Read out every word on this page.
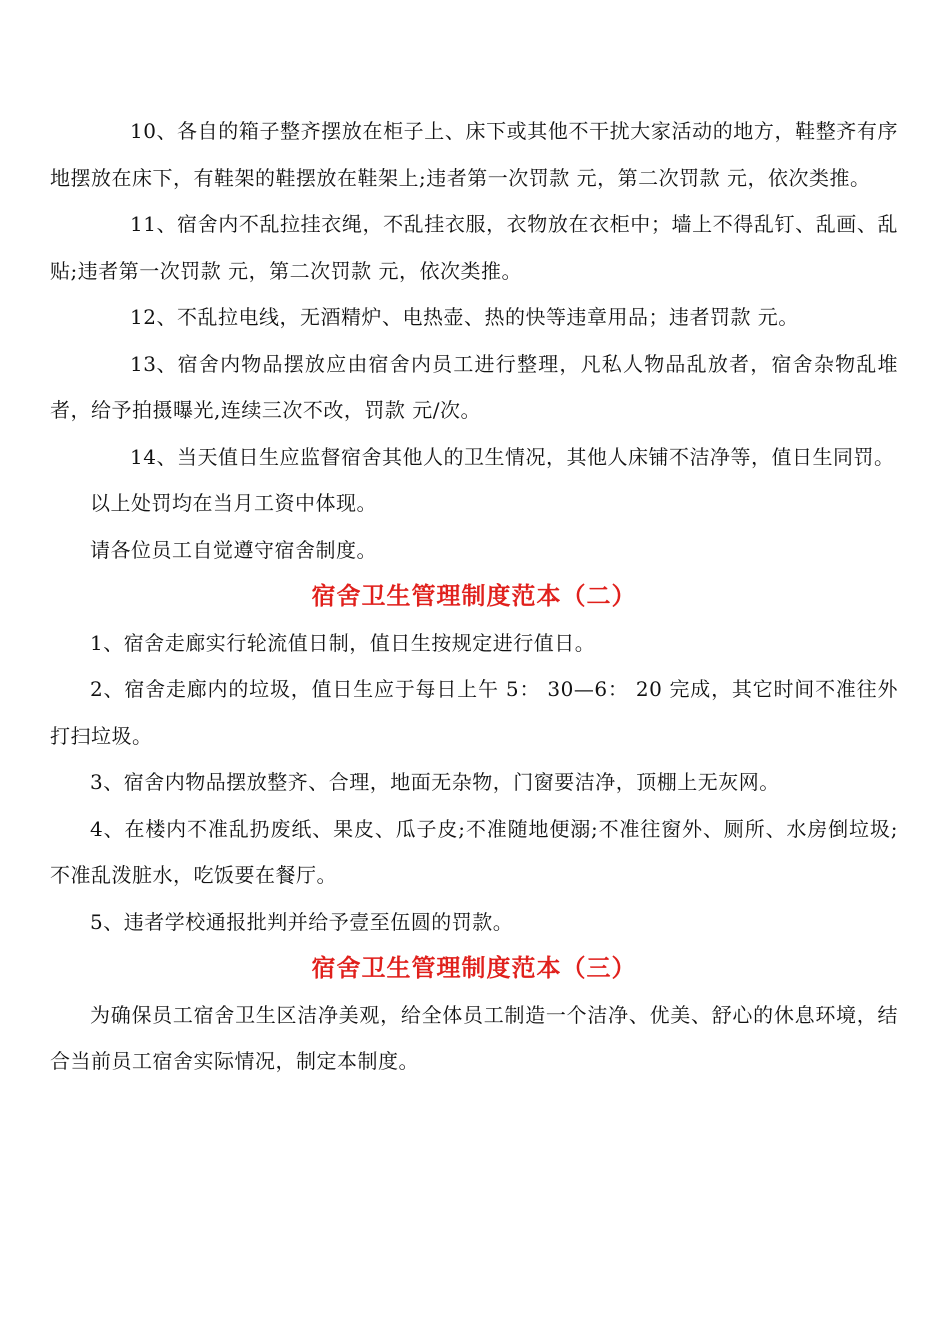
10、各自的箱子整齐摆放在柜子上、床下或其他不干扰大家活动的地方，鞋整齐有序地摆放在床下，有鞋架的鞋摆放在鞋架上;违者第一次罚款 元，第二次罚款 元，依次类推。

11、宿舍内不乱拉挂衣绳，不乱挂衣服，衣物放在衣柜中；墙上不得乱钉、乱画、乱贴;违者第一次罚款 元，第二次罚款 元，依次类推。

12、不乱拉电线，无酒精炉、电热壶、热的快等违章用品；违者罚款 元。

13、宿舍内物品摆放应由宿舍内员工进行整理，凡私人物品乱放者，宿舍杂物乱堆者，给予拍摄曝光,连续三次不改，罚款 元/次。

14、当天值日生应监督宿舍其他人的卫生情况，其他人床铺不洁净等，值日生同罚。

以上处罚均在当月工资中体现。

请各位员工自觉遵守宿舍制度。

宿舍卫生管理制度范本（二）

1、宿舍走廊实行轮流值日制，值日生按规定进行值日。

2、宿舍走廊内的垃圾，值日生应于每日上午 5： 30—6： 20 完成，其它时间不准往外打扫垃圾。

3、宿舍内物品摆放整齐、合理，地面无杂物，门窗要洁净，顶棚上无灰网。

4、在楼内不准乱扔废纸、果皮、瓜子皮;不准随地便溺;不准往窗外、厕所、水房倒垃圾;不准乱泼脏水，吃饭要在餐厅。

5、违者学校通报批判并给予壹至伍圆的罚款。

宿舍卫生管理制度范本（三）

为确保员工宿舍卫生区洁净美观，给全体员工制造一个洁净、优美、舒心的休息环境，结合当前员工宿舍实际情况，制定本制度。
